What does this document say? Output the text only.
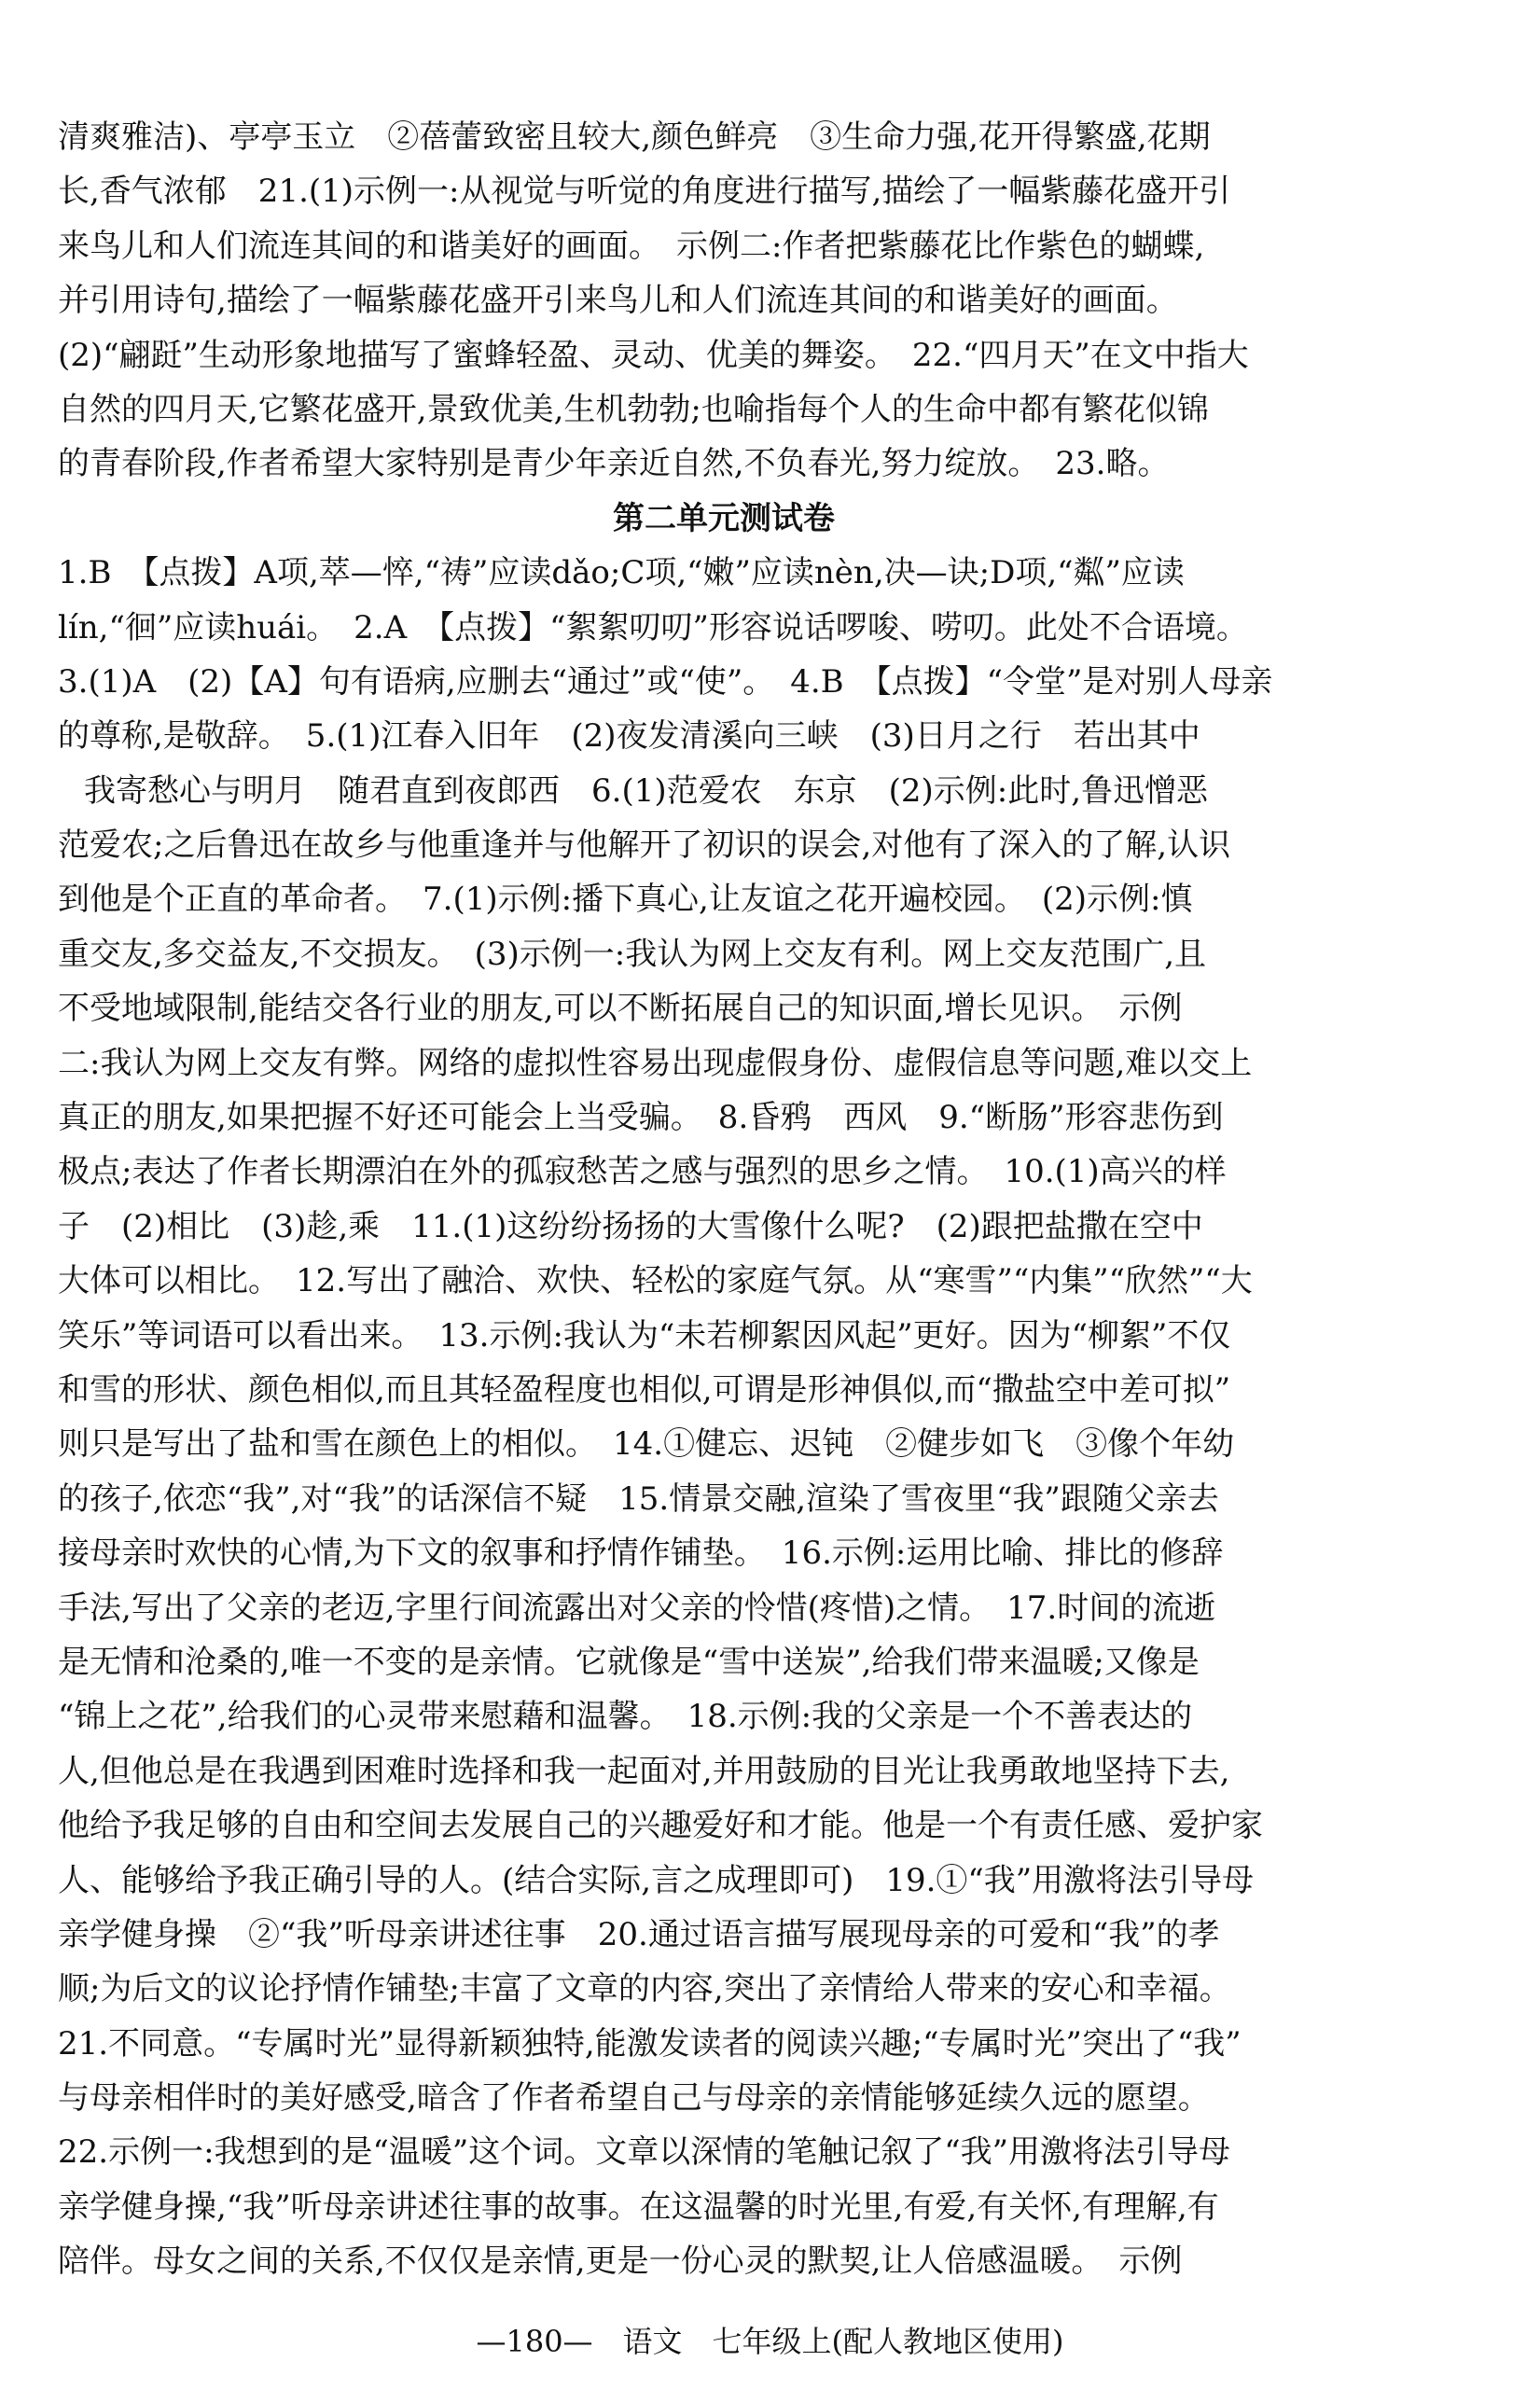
清爽雅洁)、亭亭玉立　②蓓蕾致密且较大,颜色鲜亮　③生命力强,花开得繁盛,花期
长,香气浓郁　21.(1)示例一:从视觉与听觉的角度进行描写,描绘了一幅紫藤花盛开引
来鸟儿和人们流连其间的和谐美好的画面。　示例二:作者把紫藤花比作紫色的蝴蝶,
并引用诗句,描绘了一幅紫藤花盛开引来鸟儿和人们流连其间的和谐美好的画面。
(2)“翩跹”生动形象地描写了蜜蜂轻盈、灵动、优美的舞姿。　22.“四月天”在文中指大
自然的四月天,它繁花盛开,景致优美,生机勃勃;也喻指每个人的生命中都有繁花似锦
的青春阶段,作者希望大家特别是青少年亲近自然,不负春光,努力绽放。　23.略。
第二单元测试卷
1.B　【点拨】A项,萃—悴,“祷”应读dǎo;C项,“嫩”应读nèn,决—诀;D项,“粼”应读
lín,“徊”应读huái。　2.A　【点拨】“絮絮叨叨”形容说话啰唆、唠叨。此处不合语境。
3.(1)A　(2)【A】句有语病,应删去“通过”或“使”。　4.B　【点拨】“令堂”是对别人母亲
的尊称,是敬辞。　5.(1)江春入旧年　(2)夜发清溪向三峡　(3)日月之行　若出其中
我寄愁心与明月　随君直到夜郎西　6.(1)范爱农　东京　(2)示例:此时,鲁迅憎恶
范爱农;之后鲁迅在故乡与他重逢并与他解开了初识的误会,对他有了深入的了解,认识
到他是个正直的革命者。　7.(1)示例:播下真心,让友谊之花开遍校园。　(2)示例:慎
重交友,多交益友,不交损友。　(3)示例一:我认为网上交友有利。网上交友范围广,且
不受地域限制,能结交各行业的朋友,可以不断拓展自己的知识面,增长见识。　示例
二:我认为网上交友有弊。网络的虚拟性容易出现虚假身份、虚假信息等问题,难以交上
真正的朋友,如果把握不好还可能会上当受骗。　8.昏鸦　西风　9.“断肠”形容悲伤到
极点;表达了作者长期漂泊在外的孤寂愁苦之感与强烈的思乡之情。　10.(1)高兴的样
子　(2)相比　(3)趁,乘　11.(1)这纷纷扬扬的大雪像什么呢?　(2)跟把盐撒在空中
大体可以相比。　12.写出了融洽、欢快、轻松的家庭气氛。从“寒雪”“内集”“欣然”“大
笑乐”等词语可以看出来。　13.示例:我认为“未若柳絮因风起”更好。因为“柳絮”不仅
和雪的形状、颜色相似,而且其轻盈程度也相似,可谓是形神俱似,而“撒盐空中差可拟”
则只是写出了盐和雪在颜色上的相似。　14.①健忘、迟钝　②健步如飞　③像个年幼
的孩子,依恋“我”,对“我”的话深信不疑　15.情景交融,渲染了雪夜里“我”跟随父亲去
接母亲时欢快的心情,为下文的叙事和抒情作铺垫。　16.示例:运用比喻、排比的修辞
手法,写出了父亲的老迈,字里行间流露出对父亲的怜惜(疼惜)之情。　17.时间的流逝
是无情和沧桑的,唯一不变的是亲情。它就像是“雪中送炭”,给我们带来温暖;又像是
“锦上之花”,给我们的心灵带来慰藉和温馨。　18.示例:我的父亲是一个不善表达的
人,但他总是在我遇到困难时选择和我一起面对,并用鼓励的目光让我勇敢地坚持下去,
他给予我足够的自由和空间去发展自己的兴趣爱好和才能。他是一个有责任感、爱护家
人、能够给予我正确引导的人。(结合实际,言之成理即可)　19.①“我”用激将法引导母
亲学健身操　②“我”听母亲讲述往事　20.通过语言描写展现母亲的可爱和“我”的孝
顺;为后文的议论抒情作铺垫;丰富了文章的内容,突出了亲情给人带来的安心和幸福。
21.不同意。“专属时光”显得新颖独特,能激发读者的阅读兴趣;“专属时光”突出了“我”
与母亲相伴时的美好感受,暗含了作者希望自己与母亲的亲情能够延续久远的愿望。
22.示例一:我想到的是“温暖”这个词。文章以深情的笔触记叙了“我”用激将法引导母
亲学健身操,“我”听母亲讲述往事的故事。在这温馨的时光里,有爱,有关怀,有理解,有
陪伴。母女之间的关系,不仅仅是亲情,更是一份心灵的默契,让人倍感温暖。　示例
—180—　语文　七年级上(配人教地区使用)
